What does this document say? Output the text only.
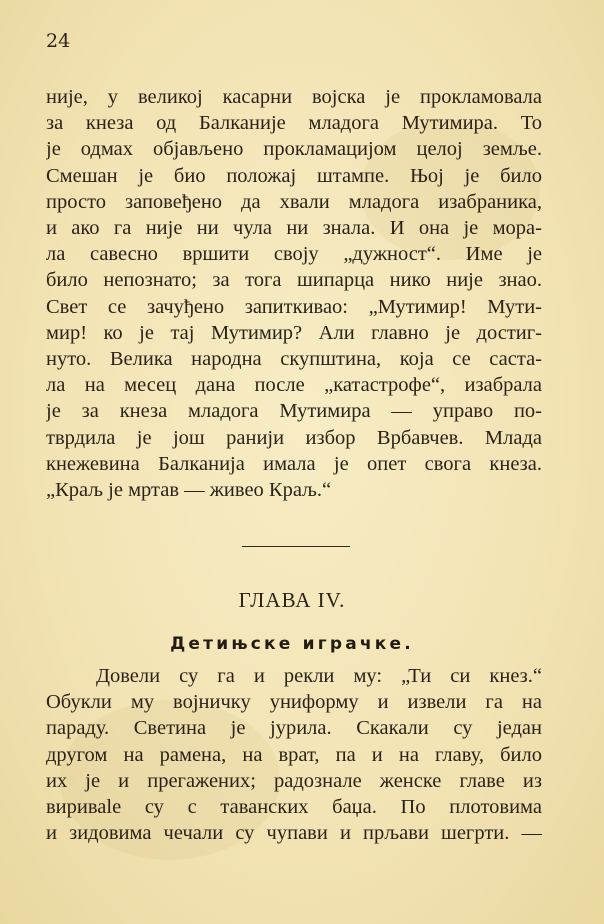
24
није, у великој касарни војска је прокламовала
за кнеза од Балканије младога Мутимира. То
је одмах објављено прокламацијом целој земље.
Смешан је био положај штампе. Њој је било
просто заповеђено да хвали младога изабраника,
и ако га није ни чула ни знала. И она је мора-
ла савесно вршити своју „дужност“. Име је
било непознато; за тога шипарца нико није знао.
Свет се зачуђено запиткивао: „Мутимир! Мути-
мир! ко је тај Мутимир? Али главно је достиг-
нуто. Велика народна скупштина, која се саста-
ла на месец дана после „катастрофе“, изабрала
је за кнеза младога Мутимира — управо по-
тврдила је још ранији избор Врбавчев. Млада
кнежевина Балканија имала је опет свога кнеза.
„Краљ је мртав — живео Краљ.“
ГЛАВА IV.
Детињске играчке.
Довели су га и рекли му: „Ти си кнез.“
Обукли му војничку униформу и извели га на
параду. Светина је јурила. Скакали су један
другом на рамена, на врат, па и на главу, било
их је и прегажених; радознале женске главе из
вириваle су с таванских баџа. По плотовима
и зидовима чечали су чупави и прљави шегрти. —
